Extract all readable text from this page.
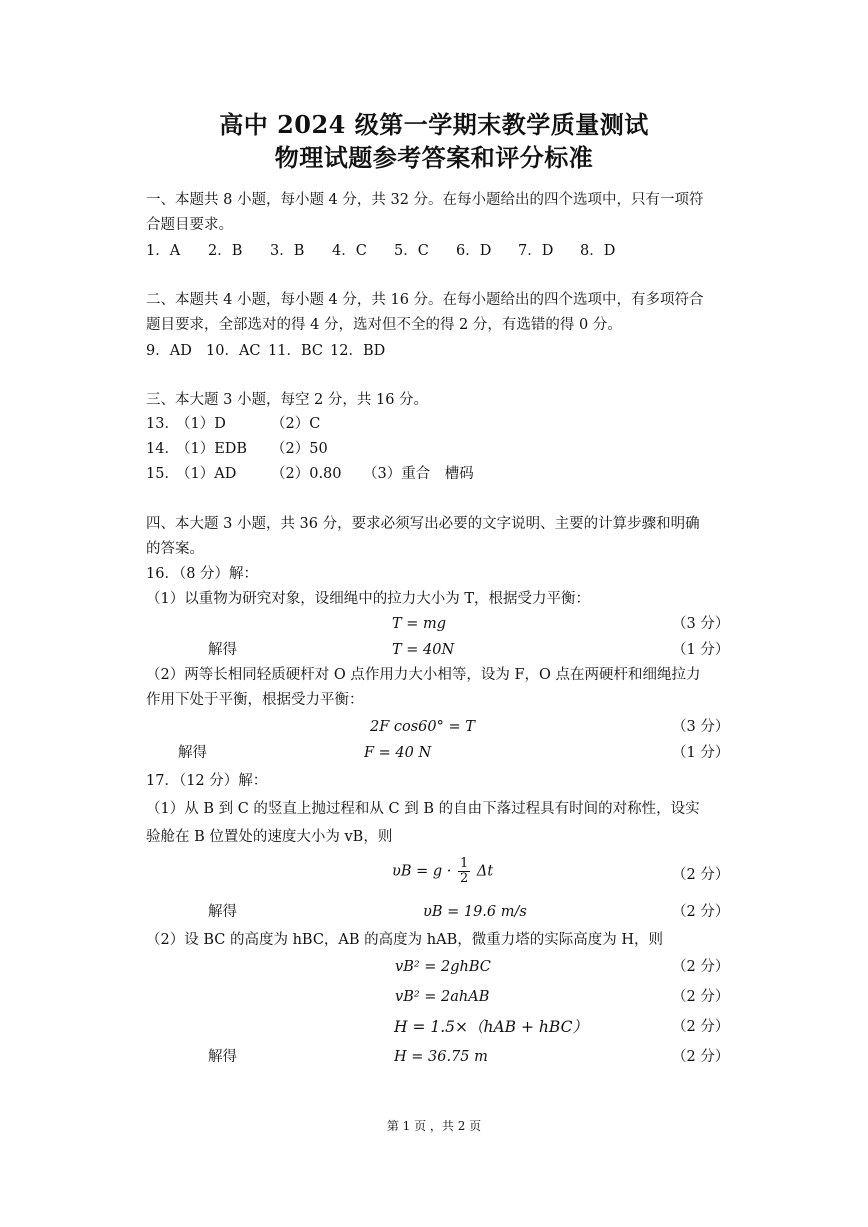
高中 2024 级第一学期末教学质量测试
物理试题参考答案和评分标准
一、本题共 8 小题，每小题 4 分，共 32 分。在每小题给出的四个选项中，只有一项符
合题目要求。
1．A 2．B 3．B 4．C 5．C 6．D 7．D 8．D
二、本题共 4 小题，每小题 4 分，共 16 分。在每小题给出的四个选项中，有多项符合
题目要求，全部选对的得 4 分，选对但不全的得 2 分，有选错的得 0 分。
9．AD 10．AC 11．BC 12．BD
三、本大题 3 小题，每空 2 分，共 16 分。
13．（1）D	（2）C
14．（1）EDB （2）50
15．（1）AD （2）0.80 （3）重合　槽码
四、本大题 3 小题，共 36 分，要求必须写出必要的文字说明、主要的计算步骤和明确
的答案。
16．（8 分）解：
（1）以重物为研究对象，设细绳中的拉力大小为 T，根据受力平衡：
T = mg	（3 分）
解得	T = 40N	（1 分）
（2）两等长相同轻质硬杆对 O 点作用力大小相等，设为 F，O 点在两硬杆和细绳拉力
作用下处于平衡，根据受力平衡：
2F cos60° = T	（3 分）
解得	F = 40 N	（1 分）
17．（12 分）解：
（1）从 B 到 C 的竖直上抛过程和从 C 到 B 的自由下落过程具有时间的对称性，设实
验舱在 B 位置处的速度大小为 vB，则
$\upsilon B = g \cdot \frac{1}{2}$ Δt	（2 分）
解得	υB = 19.6 m/s	（2 分）
（2）设 BC 的高度为 hBC，AB 的高度为 hAB，微重力塔的实际高度为 H，则
vB² = 2ghBC	（2 分）
vB² = 2ahAB	（2 分）
H = 1.5×（hAB + hBC）	（2 分）
解得	H = 36.75 m	（2 分）
第 1 页 ，共 2 页
